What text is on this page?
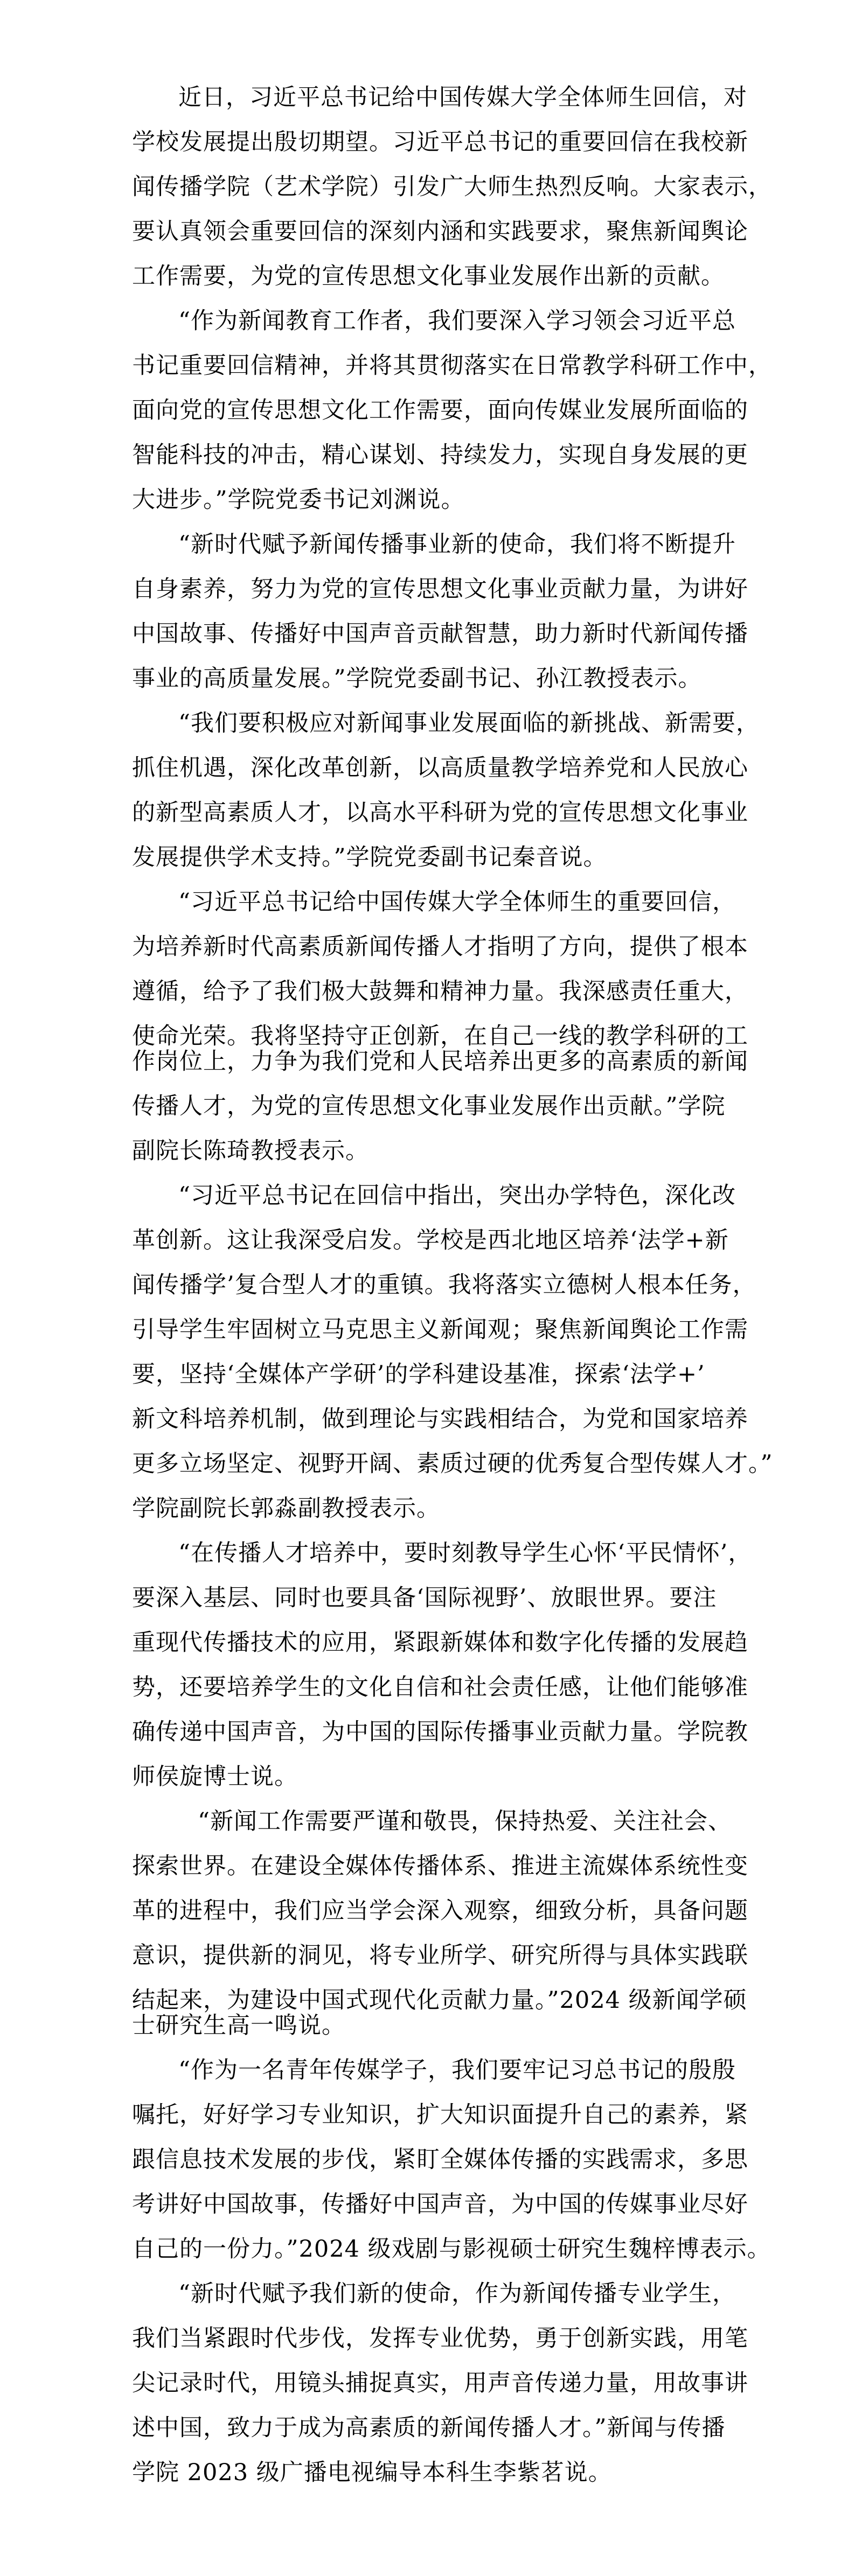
近日，习近平总书记给中国传媒大学全体师生回信，对
学校发展提出殷切期望。习近平总书记的重要回信在我校新
闻传播学院（艺术学院）引发广大师生热烈反响。大家表示，
要认真领会重要回信的深刻内涵和实践要求，聚焦新闻舆论
工作需要，为党的宣传思想文化事业发展作出新的贡献。
“作为新闻教育工作者，我们要深入学习领会习近平总
书记重要回信精神，并将其贯彻落实在日常教学科研工作中，
面向党的宣传思想文化工作需要，面向传媒业发展所面临的
智能科技的冲击，精心谋划、持续发力，实现自身发展的更
大进步。”学院党委书记刘渊说。
“新时代赋予新闻传播事业新的使命，我们将不断提升
自身素养，努力为党的宣传思想文化事业贡献力量，为讲好
中国故事、传播好中国声音贡献智慧，助力新时代新闻传播
事业的高质量发展。”学院党委副书记、孙江教授表示。
“我们要积极应对新闻事业发展面临的新挑战、新需要，
抓住机遇，深化改革创新，以高质量教学培养党和人民放心
的新型高素质人才，以高水平科研为党的宣传思想文化事业
发展提供学术支持。”学院党委副书记秦音说。
“习近平总书记给中国传媒大学全体师生的重要回信，
为培养新时代高素质新闻传播人才指明了方向，提供了根本
遵循，给予了我们极大鼓舞和精神力量。我深感责任重大，
使命光荣。我将坚持守正创新，在自己一线的教学科研的工
作岗位上，力争为我们党和人民培养出更多的高素质的新闻
传播人才，为党的宣传思想文化事业发展作出贡献。”学院
副院长陈琦教授表示。
“习近平总书记在回信中指出，突出办学特色，深化改
革创新。这让我深受启发。学校是西北地区培养‘法学+新
闻传播学’复合型人才的重镇。我将落实立德树人根本任务，
引导学生牢固树立马克思主义新闻观；聚焦新闻舆论工作需
要，坚持‘全媒体产学研’的学科建设基准，探索‘法学+’
新文科培养机制，做到理论与实践相结合，为党和国家培养
更多立场坚定、视野开阔、素质过硬的优秀复合型传媒人才。”
学院副院长郭淼副教授表示。
“在传播人才培养中，要时刻教导学生心怀‘平民情怀’，
要深入基层、同时也要具备‘国际视野’、放眼世界。要注
重现代传播技术的应用，紧跟新媒体和数字化传播的发展趋
势，还要培养学生的文化自信和社会责任感，让他们能够准
确传递中国声音，为中国的国际传播事业贡献力量。学院教
师侯旋博士说。
“新闻工作需要严谨和敬畏，保持热爱、关注社会、
探索世界。在建设全媒体传播体系、推进主流媒体系统性变
革的进程中，我们应当学会深入观察，细致分析，具备问题
意识，提供新的洞见，将专业所学、研究所得与具体实践联
结起来，为建设中国式现代化贡献力量。”2024 级新闻学硕
士研究生高一鸣说。
“作为一名青年传媒学子，我们要牢记习总书记的殷殷
嘱托，好好学习专业知识，扩大知识面提升自己的素养，紧
跟信息技术发展的步伐，紧盯全媒体传播的实践需求，多思
考讲好中国故事，传播好中国声音，为中国的传媒事业尽好
自己的一份力。”2024 级戏剧与影视硕士研究生魏梓博表示。
“新时代赋予我们新的使命，作为新闻传播专业学生，
我们当紧跟时代步伐，发挥专业优势，勇于创新实践，用笔
尖记录时代，用镜头捕捉真实，用声音传递力量，用故事讲
述中国，致力于成为高素质的新闻传播人才。”新闻与传播
学院 2023 级广播电视编导本科生李紫茗说。
